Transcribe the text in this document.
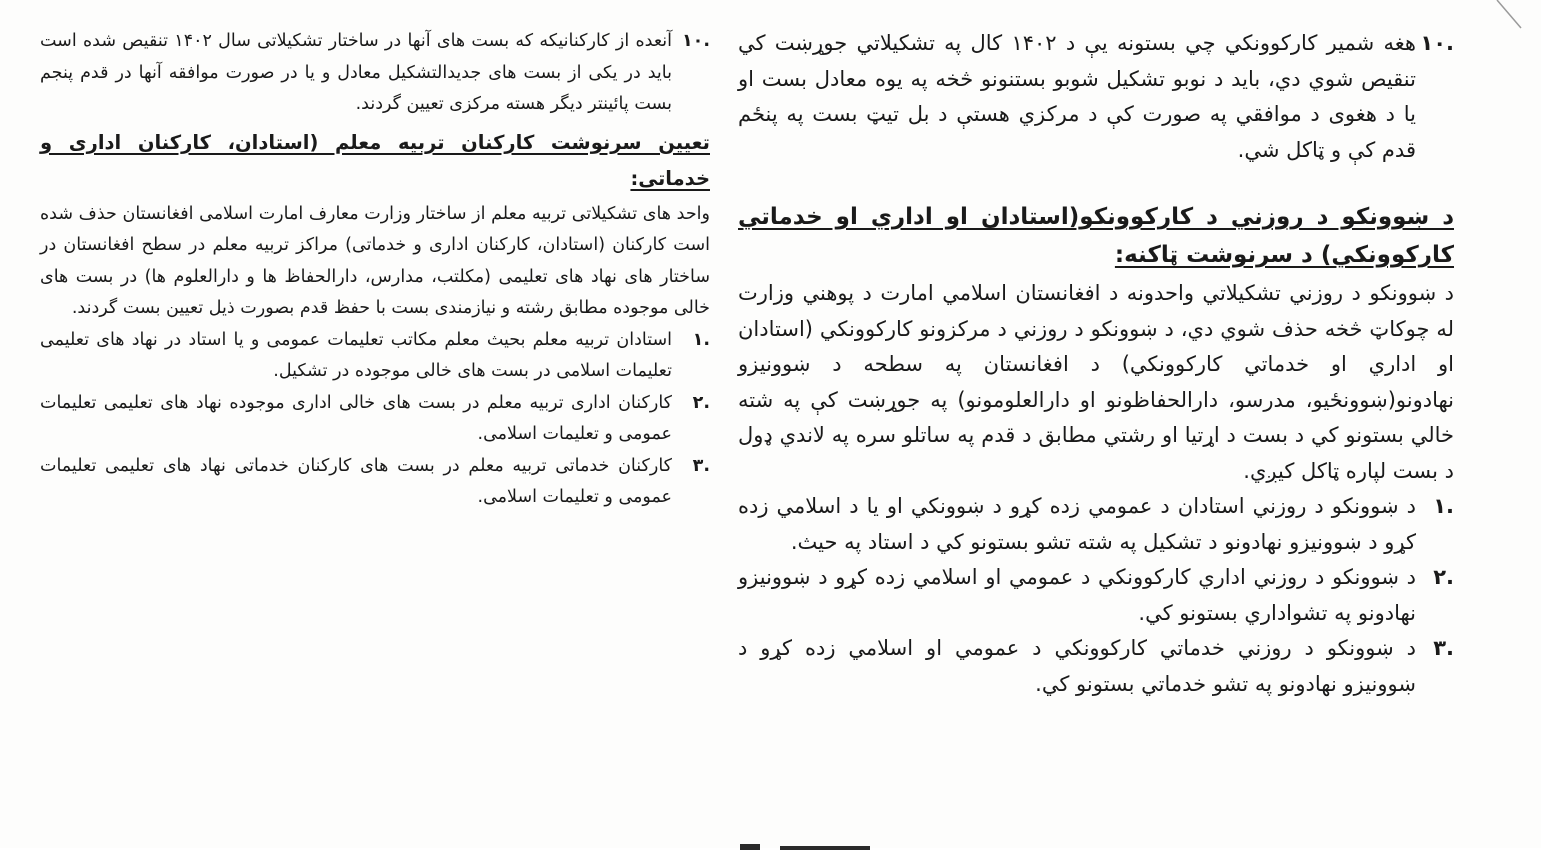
۱۰.
هغه شمیر کارکوونکي چي بستونه يې د ۱۴۰۲ کال په تشکیلاتي جوړښت کي تنقیص شوي دي، باید د نوبو تشکیل شوبو بستنونو څخه په یوه معادل بست او یا د هغوی د موافقي په صورت کې د مرکزي هستې د بل تیټ بست په پنځم قدم کې و ټاکل شي.

د ښوونکو د روزني د کارکوونکو(استادان او اداري او خدماتي کارکوونکي) د سرنوشت ټاکنه:

د ښوونکو د روزني تشکیلاتي واحدونه د افغانستان اسلامي امارت د پوهني وزارت له چوکاټ څخه حذف شوي دي، د ښوونکو د روزني د مرکزونو کارکوونکي (استادان او اداري او خدماتي کارکوونکي) د افغانستان په سطحه د ښوونیزو نهادونو(ښوونځیو، مدرسو، دارالحفاظونو او دارالعلومونو) په جوړښت کې په شته خالي بستونو کي د بست د اړتیا او رشتي مطابق د قدم په ساتلو سره په لاندي ډول د بست لپاره ټاکل کیږي.

۱.
د ښوونکو د روزني استادان د عمومي زده کړو د ښوونکي او یا د اسلامي زده کړو د ښوونیزو نهادونو د تشکیل په شته تشو بستونو کي د استاد په حیث.
۲.
د ښوونکو د روزني اداري کارکوونکي د عمومي او اسلامي زده کړو د ښوونیزو نهادونو په تشواداري بستونو کي.
۳.
د ښوونکو د روزني خدماتي کارکوونکي د عمومي او اسلامي زده کړو د ښوونیزو نهادونو په تشو خدماتي بستونو کي.
۱۰.
آنعده از کارکنانیکه که بست های آنها در ساختار تشکیلاتی سال ۱۴۰۲ تنقیص شده است باید در یکی از بست های جدیدالتشکیل معادل و یا در صورت موافقه آنها در قدم پنجم بست پائینتر دیگر هسته مرکزی تعیین گردند.

تعیین سرنوشت کارکنان تربیه معلم (استادان، کارکنان اداری و خدماتی:

واحد های تشکیلاتی تربیه معلم از ساختار وزارت معارف امارت اسلامی افغانستان حذف شده است کارکنان (استادان، کارکنان اداری و خدماتی) مراکز تربیه معلم در سطح افغانستان در ساختار های نهاد های تعلیمی (مکلتب، مدارس، دارالحفاظ ها و دارالعلوم ها) در بست های خالی موجوده مطابق رشته و نیازمندی بست با حفظ قدم بصورت ذیل تعیین بست گردند.

۱.
استادان تربیه معلم بحیث معلم مکاتب تعلیمات عمومی و یا استاد در نهاد های تعلیمی تعلیمات اسلامی در بست های خالی موجوده در تشکیل.
۲.
کارکنان اداری تربیه معلم در بست های خالی اداری موجوده نهاد های تعلیمی تعلیمات عمومی و تعلیمات اسلامی.
۳.
کارکنان خدماتی تربیه معلم در بست های کارکنان خدماتی نهاد های تعلیمی تعلیمات عمومی و تعلیمات اسلامی.
